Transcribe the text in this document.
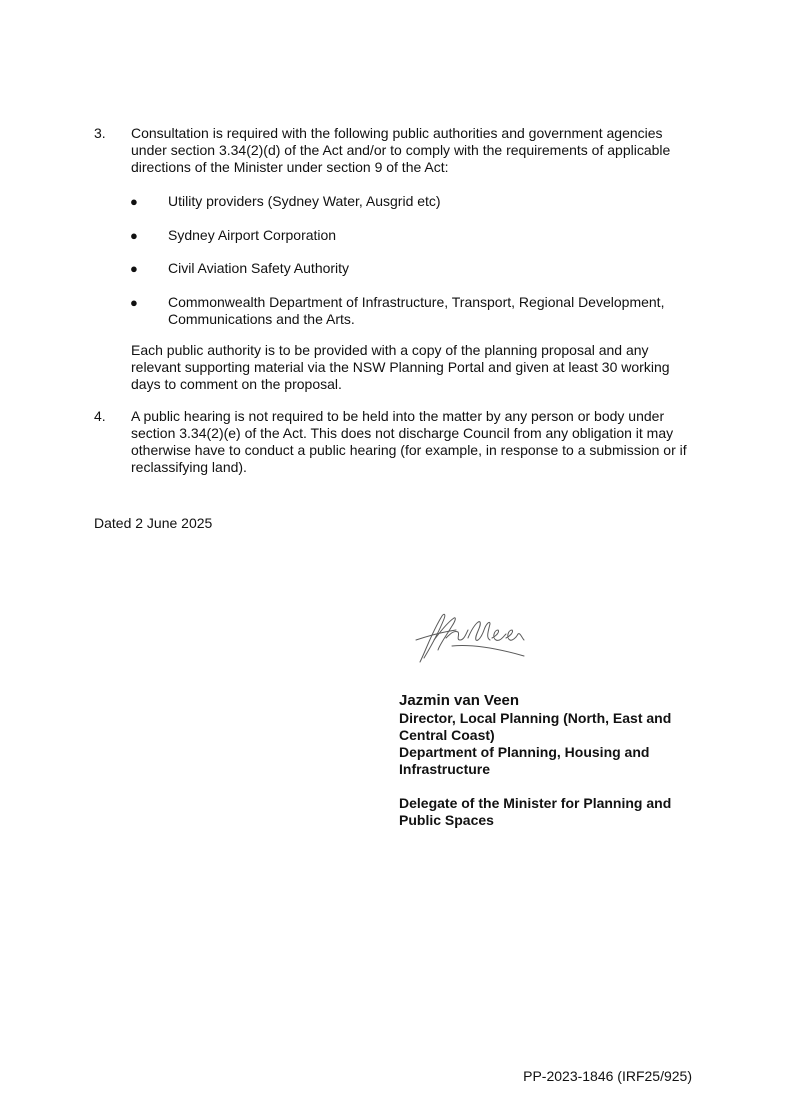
3. Consultation is required with the following public authorities and government agencies under section 3.34(2)(d) of the Act and/or to comply with the requirements of applicable directions of the Minister under section 9 of the Act:

● Utility providers (Sydney Water, Ausgrid etc)
● Sydney Airport Corporation
● Civil Aviation Safety Authority
● Commonwealth Department of Infrastructure, Transport, Regional Development, Communications and the Arts.

Each public authority is to be provided with a copy of the planning proposal and any relevant supporting material via the NSW Planning Portal and given at least 30 working days to comment on the proposal.

4. A public hearing is not required to be held into the matter by any person or body under section 3.34(2)(e) of the Act. This does not discharge Council from any obligation it may otherwise have to conduct a public hearing (for example, in response to a submission or if reclassifying land).

Dated 2 June 2025
Jazmin van Veen
Director, Local Planning (North, East and
Central Coast)
Department of Planning, Housing and
Infrastructure
Delegate of the Minister for Planning and
Public Spaces
PP-2023-1846 (IRF25/925)
